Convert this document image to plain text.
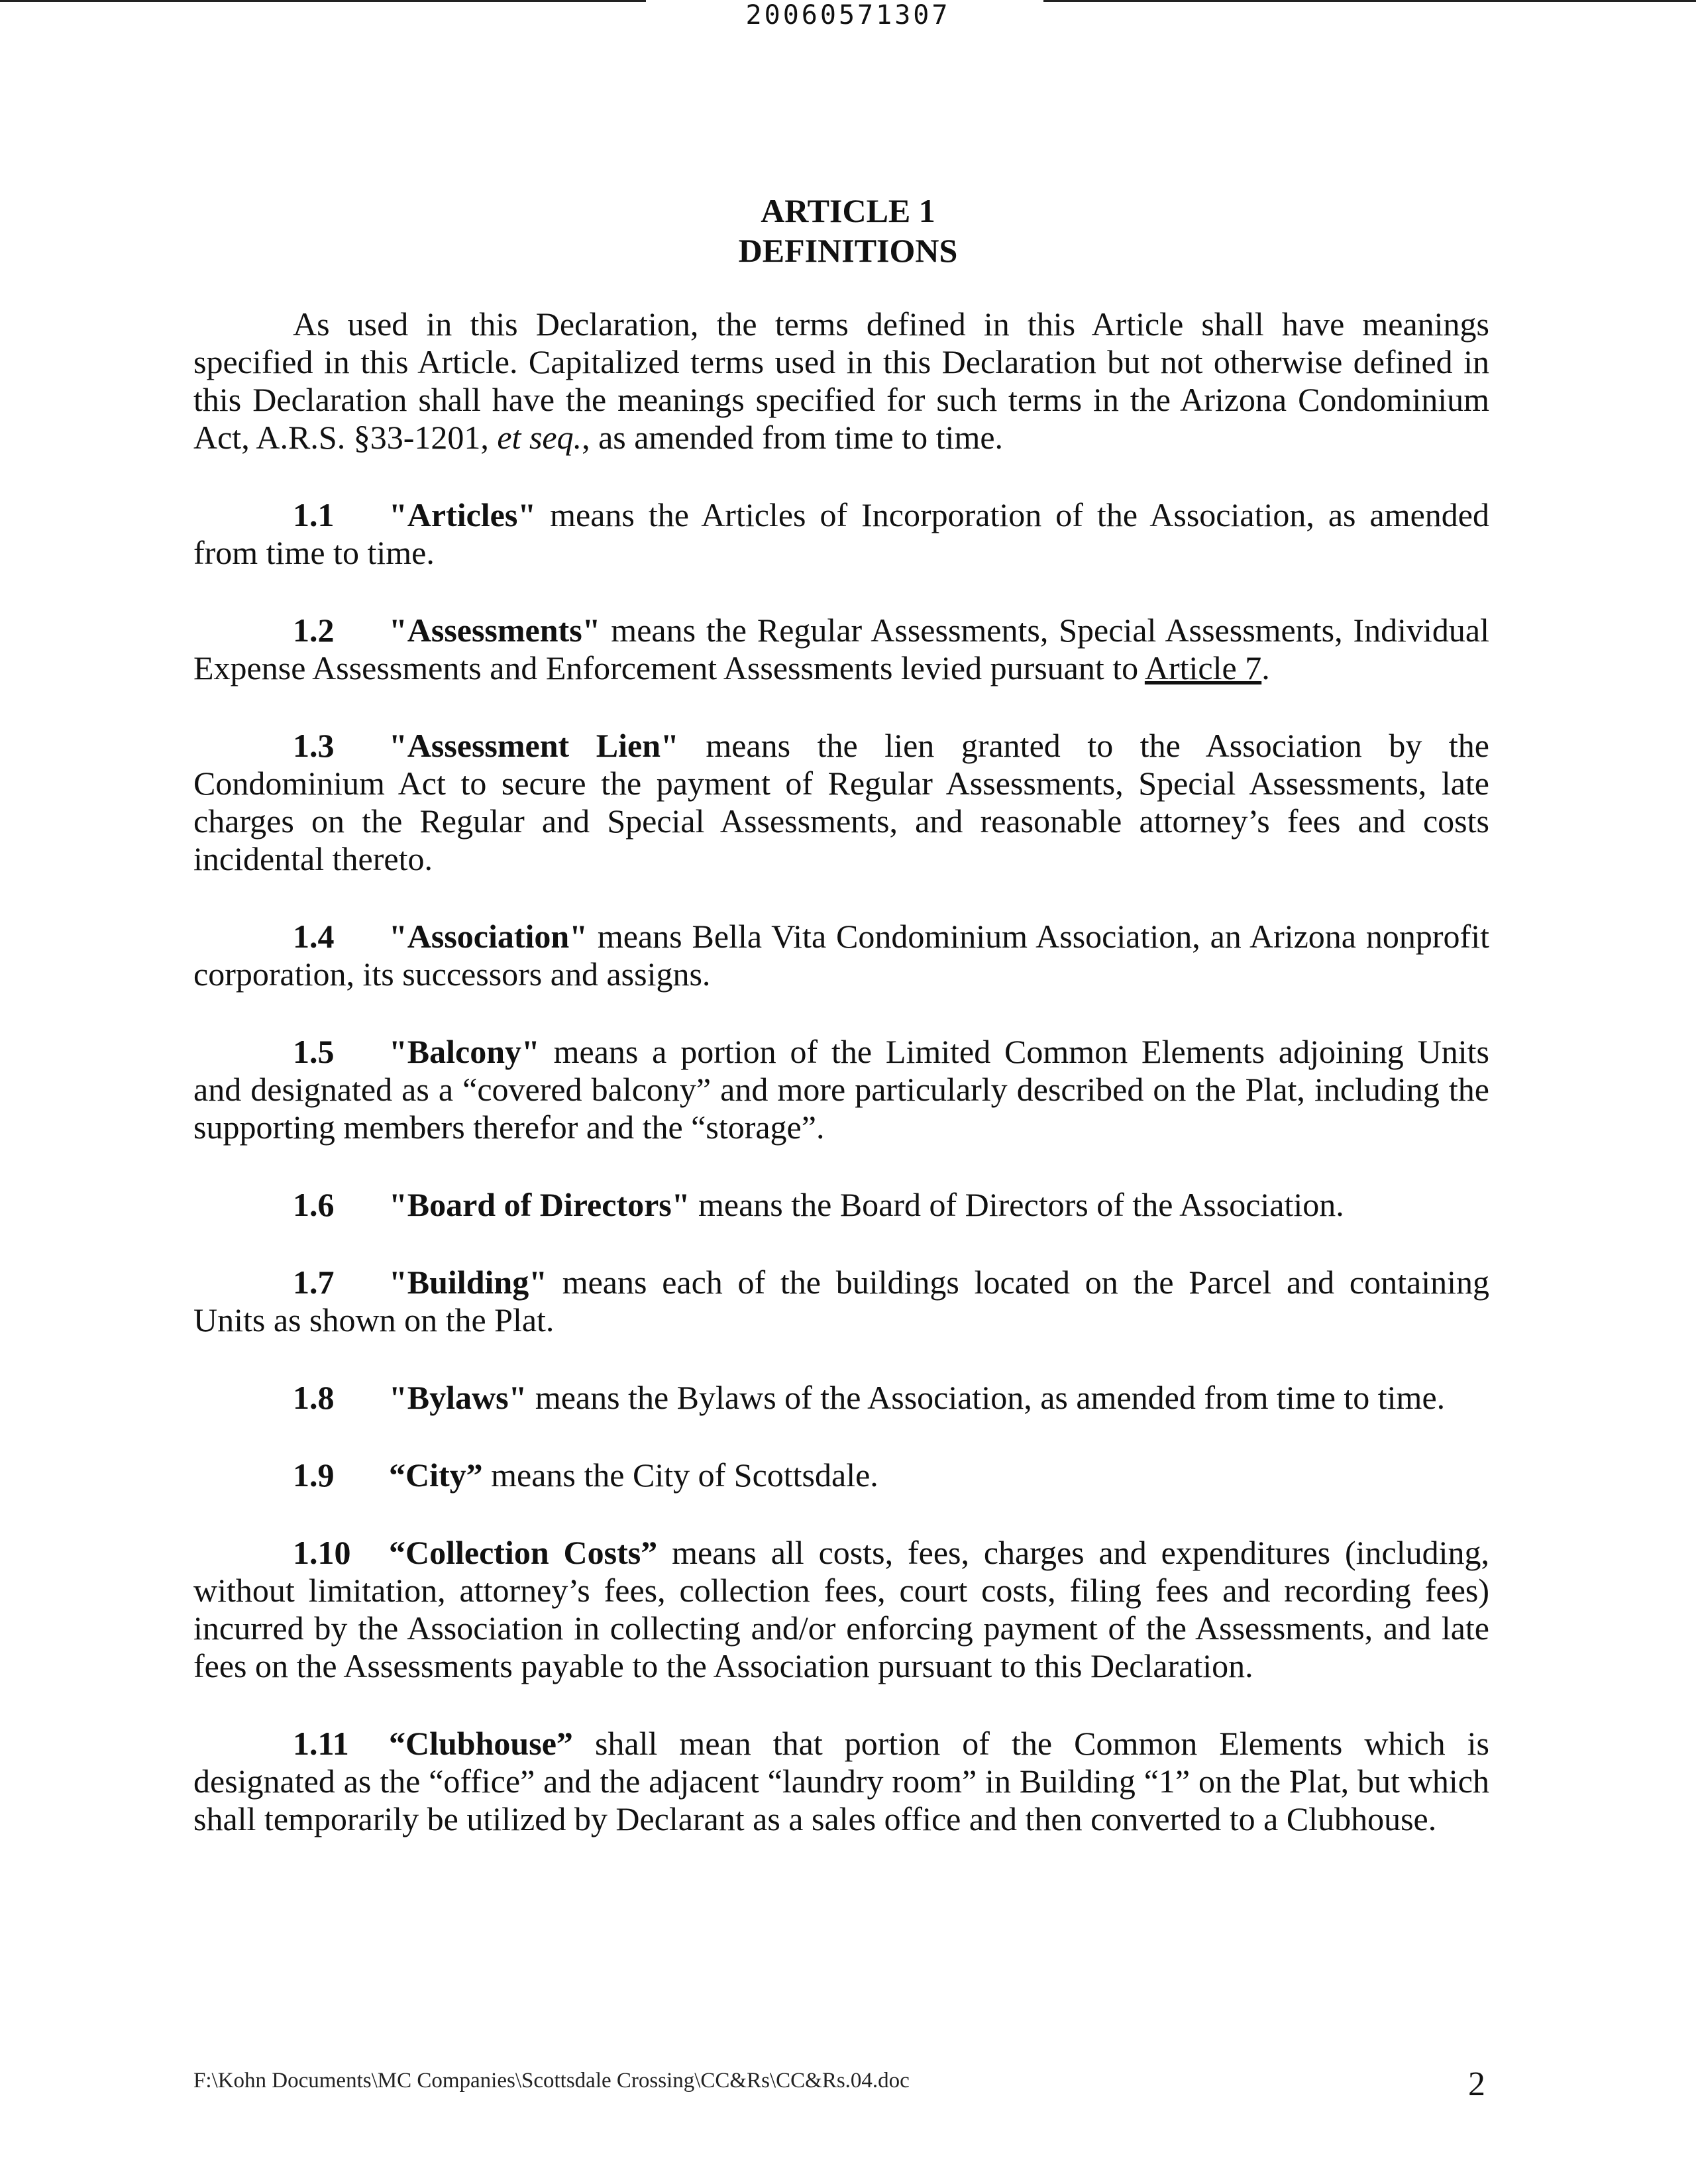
20060571307
ARTICLE 1
DEFINITIONS

As used in this Declaration, the terms defined in this Article shall have meanings specified in this Article. Capitalized terms used in this Declaration but not otherwise defined in this Declaration shall have the meanings specified for such terms in the Arizona Condominium Act, A.R.S. §33-1201, et seq., as amended from time to time.

1.1 "Articles" means the Articles of Incorporation of the Association, as amended from time to time.

1.2 "Assessments" means the Regular Assessments, Special Assessments, Individual Expense Assessments and Enforcement Assessments levied pursuant to Article 7.

1.3 "Assessment Lien" means the lien granted to the Association by the Condominium Act to secure the payment of Regular Assessments, Special Assessments, late charges on the Regular and Special Assessments, and reasonable attorney’s fees and costs incidental thereto.

1.4 "Association" means Bella Vita Condominium Association, an Arizona nonprofit corporation, its successors and assigns.

1.5 "Balcony" means a portion of the Limited Common Elements adjoining Units and designated as a “covered balcony” and more particularly described on the Plat, including the supporting members therefor and the “storage”.

1.6 "Board of Directors" means the Board of Directors of the Association.

1.7 "Building" means each of the buildings located on the Parcel and containing Units as shown on the Plat.

1.8 "Bylaws" means the Bylaws of the Association, as amended from time to time.

1.9 “City” means the City of Scottsdale.

1.10 “Collection Costs” means all costs, fees, charges and expenditures (including, without limitation, attorney’s fees, collection fees, court costs, filing fees and recording fees) incurred by the Association in collecting and/or enforcing payment of the Assessments, and late fees on the Assessments payable to the Association pursuant to this Declaration.

1.11 “Clubhouse” shall mean that portion of the Common Elements which is designated as the “office” and the adjacent “laundry room” in Building “1” on the Plat, but which shall temporarily be utilized by Declarant as a sales office and then converted to a Clubhouse.

F:\Kohn Documents\MC Companies\Scottsdale Crossing\CC&Rs\CC&Rs.04.doc	2
